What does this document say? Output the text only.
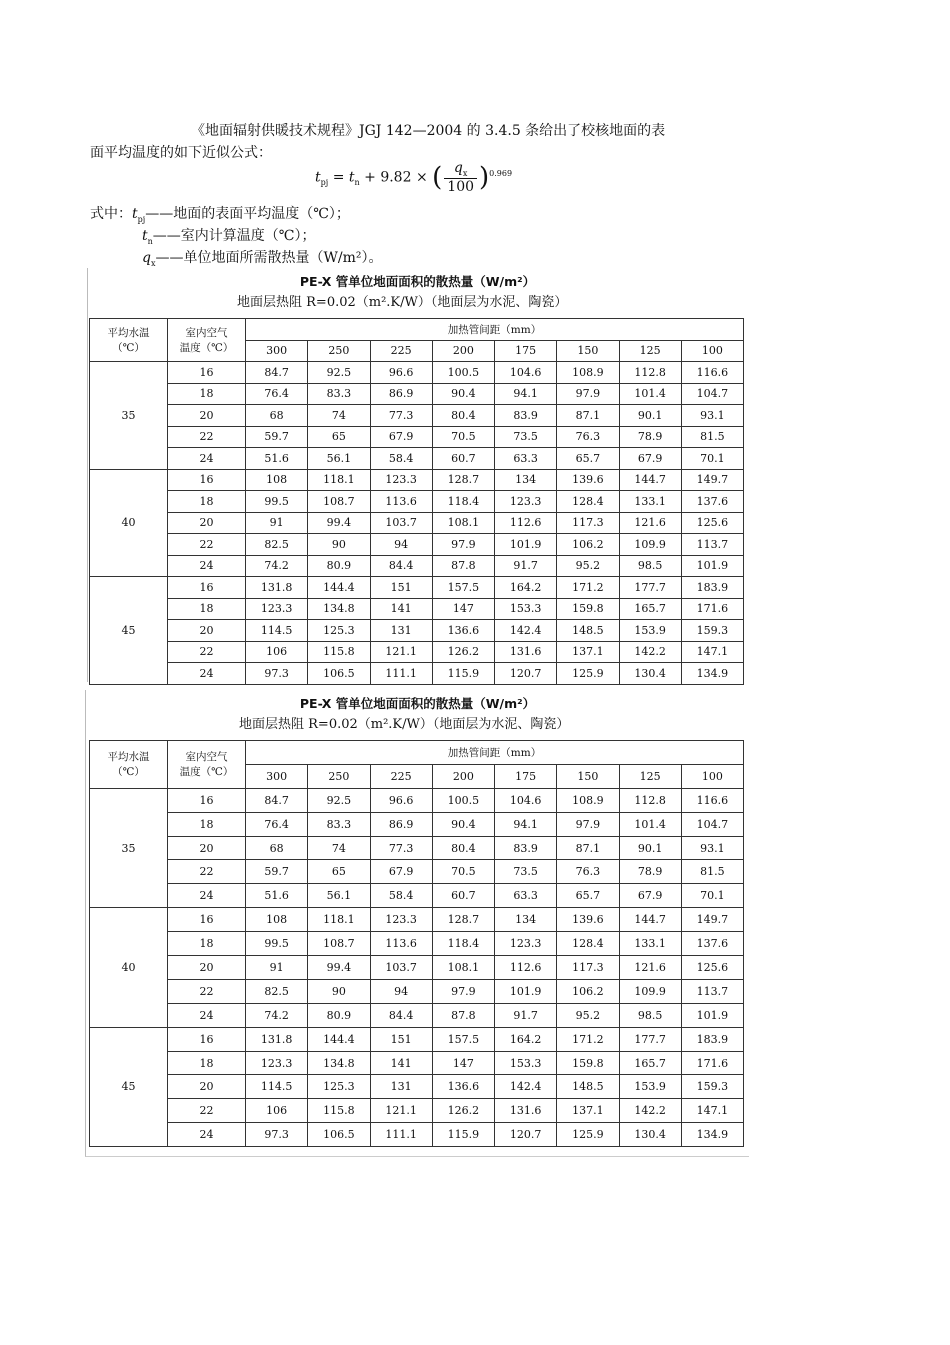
《地面辐射供暖技术规程》JGJ 142—2004 的 3.4.5 条给出了校核地面的表
面平均温度的如下近似公式：
式中：$t_{pj}——$地面的表面平均温度（℃）；
$t_n——$室内计算温度（℃）；
$q_x——$单位地面所需散热量（W/m²）。
$t_{pj} = t_n + 9.82$ × ( $\frac{q_x}{100} )^{0.969}$
PE-X 管单位地面面积的散热量（W/m²）
地面层热阻 R=0.02（m².K/W）（地面层为水泥、陶瓷）
平均水温
（℃）	室内空气
温度（℃）	加热管间距（mm）							
		300	250	225	200	175	150	125	100
35	16	84.7	92.5	96.6	100.5	104.6	108.9	112.8	116.6
	18	76.4	83.3	86.9	90.4	94.1	97.9	101.4	104.7
	20	68	74	77.3	80.4	83.9	87.1	90.1	93.1
	22	59.7	65	67.9	70.5	73.5	76.3	78.9	81.5
	24	51.6	56.1	58.4	60.7	63.3	65.7	67.9	70.1
40	16	108	118.1	123.3	128.7	134	139.6	144.7	149.7
	18	99.5	108.7	113.6	118.4	123.3	128.4	133.1	137.6
	20	91	99.4	103.7	108.1	112.6	117.3	121.6	125.6
	22	82.5	90	94	97.9	101.9	106.2	109.9	113.7
	24	74.2	80.9	84.4	87.8	91.7	95.2	98.5	101.9
45	16	131.8	144.4	151	157.5	164.2	171.2	177.7	183.9
	18	123.3	134.8	141	147	153.3	159.8	165.7	171.6
	20	114.5	125.3	131	136.6	142.4	148.5	153.9	159.3
	22	106	115.8	121.1	126.2	131.6	137.1	142.2	147.1
	24	97.3	106.5	111.1	115.9	120.7	125.9	130.4	134.9
PE-X 管单位地面面积的散热量（W/m²）
地面层热阻 R=0.02（m².K/W）（地面层为水泥、陶瓷）
平均水温
（℃）	室内空气
温度（℃）	加热管间距（mm）							
		300	250	225	200	175	150	125	100
35	16	84.7	92.5	96.6	100.5	104.6	108.9	112.8	116.6
	18	76.4	83.3	86.9	90.4	94.1	97.9	101.4	104.7
	20	68	74	77.3	80.4	83.9	87.1	90.1	93.1
	22	59.7	65	67.9	70.5	73.5	76.3	78.9	81.5
	24	51.6	56.1	58.4	60.7	63.3	65.7	67.9	70.1
40	16	108	118.1	123.3	128.7	134	139.6	144.7	149.7
	18	99.5	108.7	113.6	118.4	123.3	128.4	133.1	137.6
	20	91	99.4	103.7	108.1	112.6	117.3	121.6	125.6
	22	82.5	90	94	97.9	101.9	106.2	109.9	113.7
	24	74.2	80.9	84.4	87.8	91.7	95.2	98.5	101.9
45	16	131.8	144.4	151	157.5	164.2	171.2	177.7	183.9
	18	123.3	134.8	141	147	153.3	159.8	165.7	171.6
	20	114.5	125.3	131	136.6	142.4	148.5	153.9	159.3
	22	106	115.8	121.1	126.2	131.6	137.1	142.2	147.1
	24	97.3	106.5	111.1	115.9	120.7	125.9	130.4	134.9
